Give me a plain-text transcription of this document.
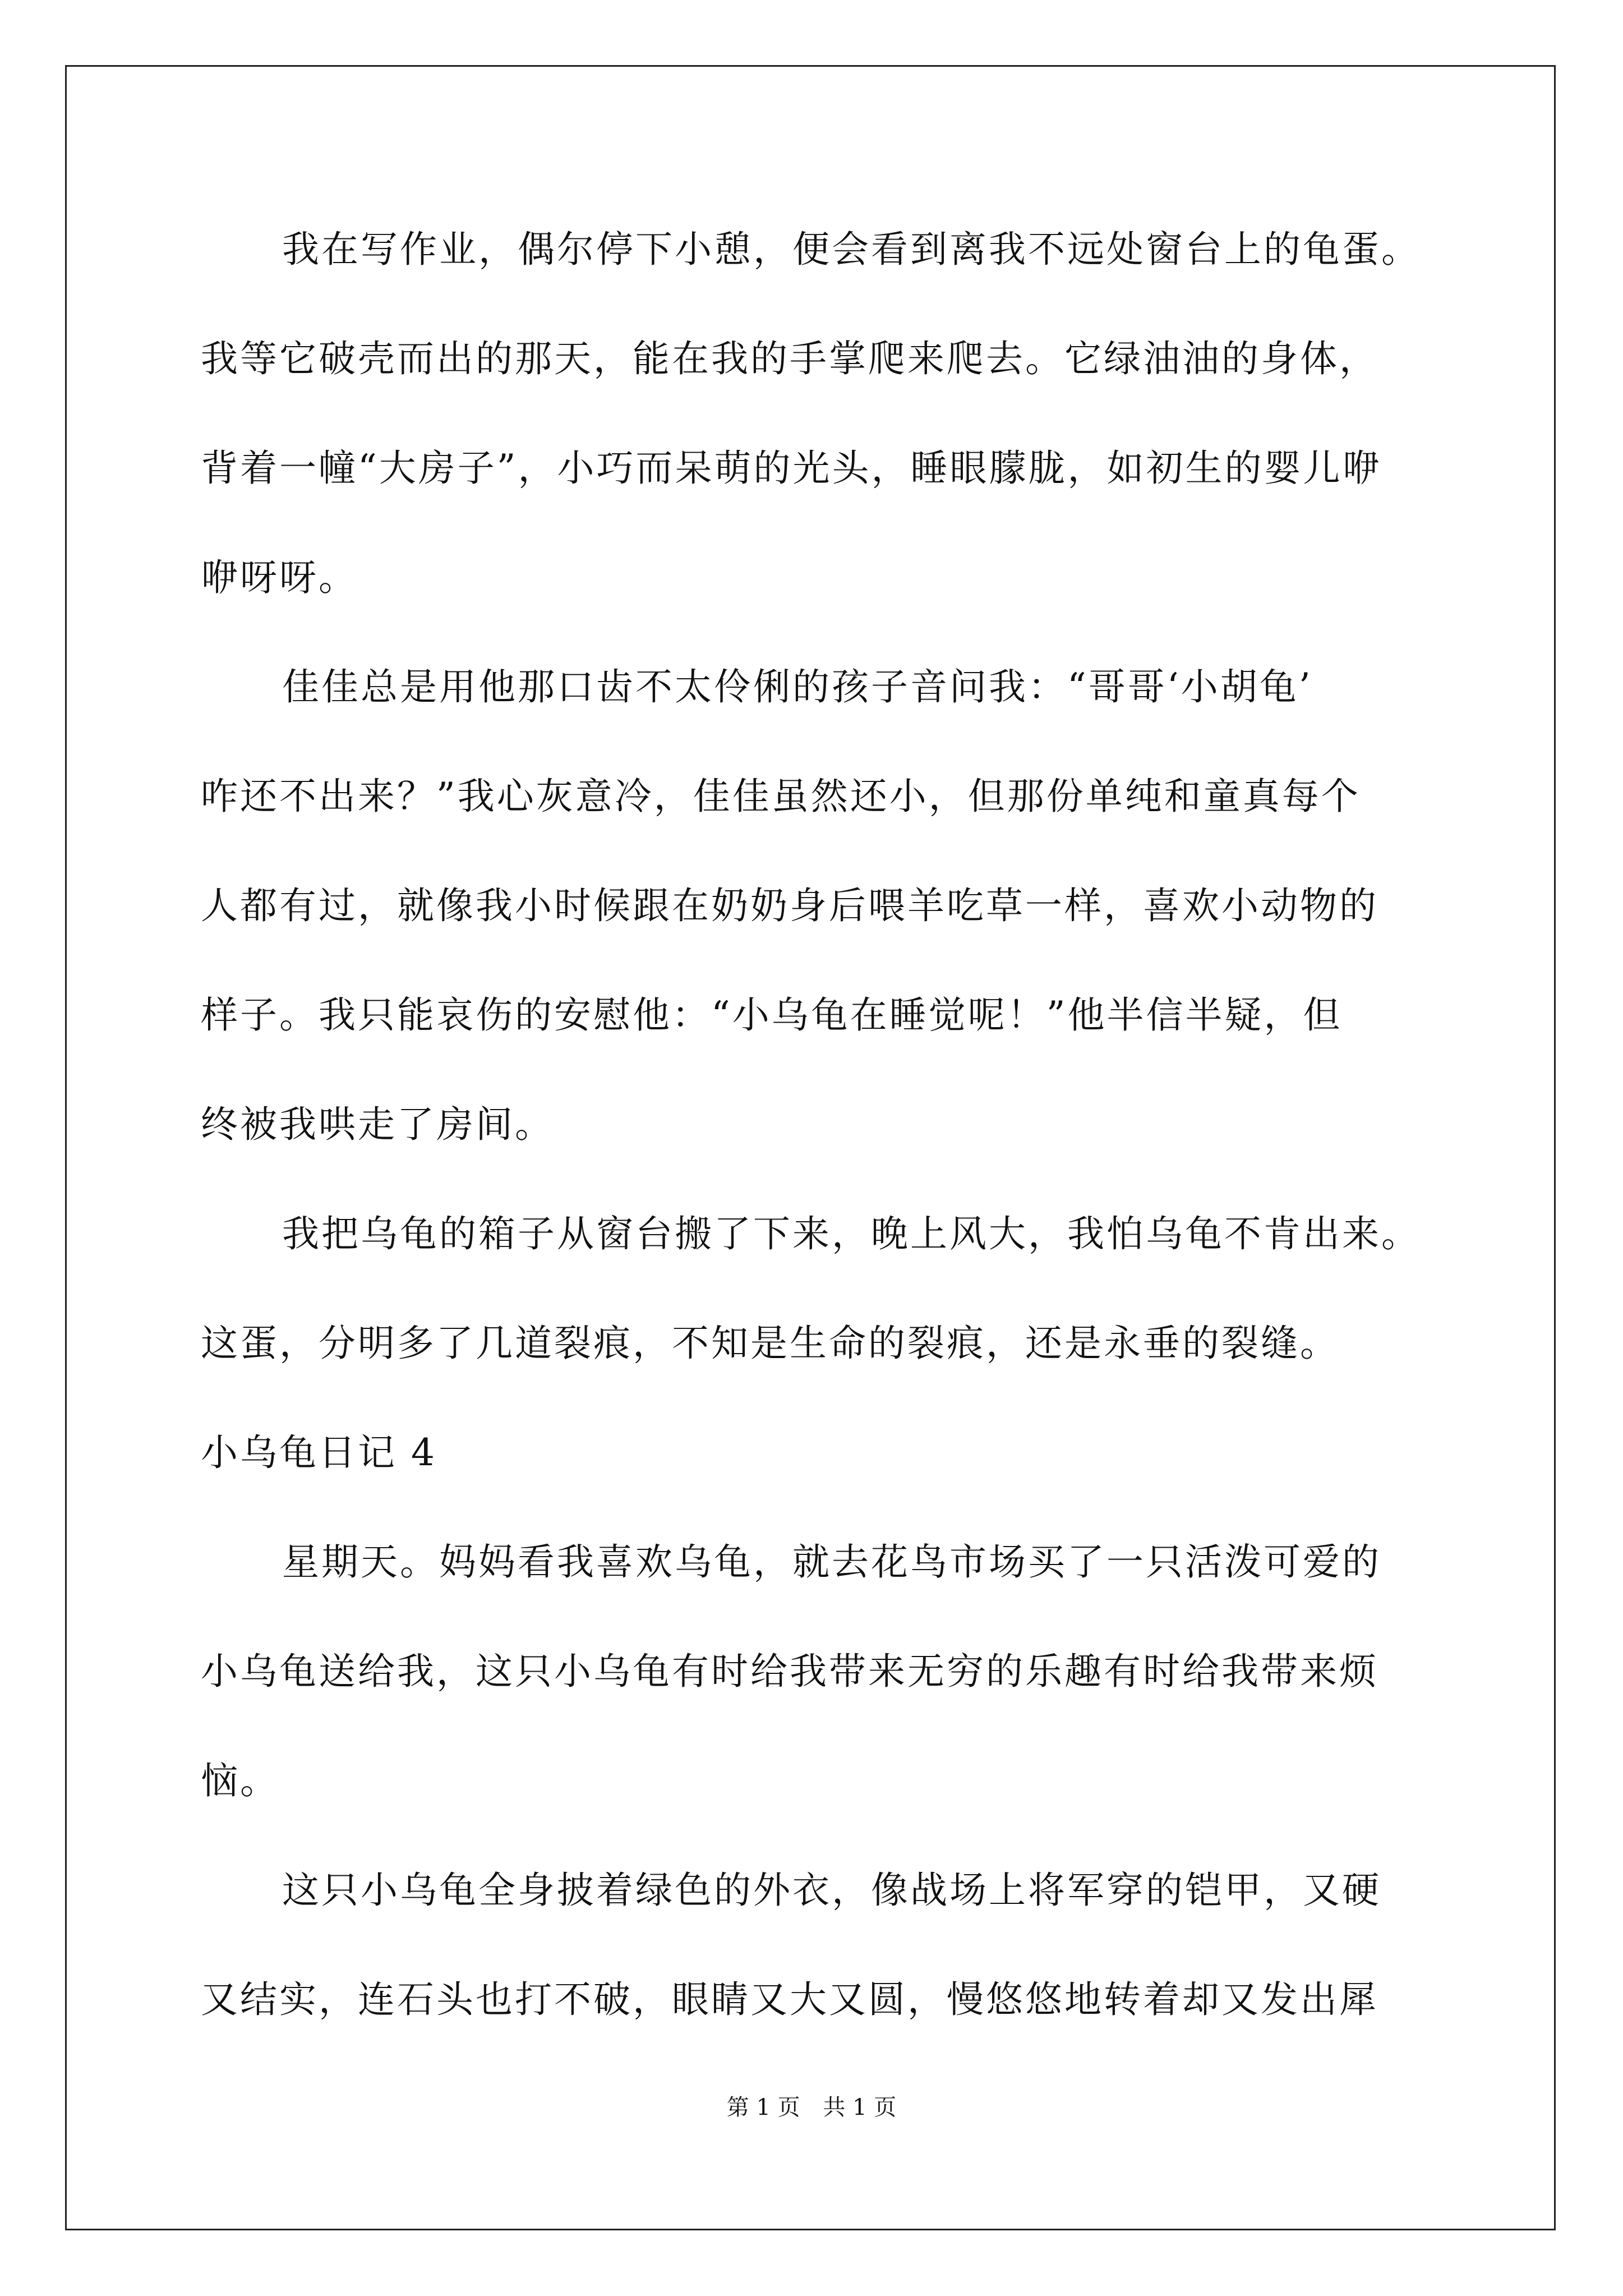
我在写作业，偶尔停下小憩，便会看到离我不远处窗台上的龟蛋。
我等它破壳而出的那天，能在我的手掌爬来爬去。它绿油油的身体，
背着一幢“大房子”，小巧而呆萌的光头，睡眼朦胧，如初生的婴儿咿
咿呀呀。
佳佳总是用他那口齿不太伶俐的孩子音问我：“哥哥‘小胡龟’
咋还不出来？”我心灰意冷，佳佳虽然还小，但那份单纯和童真每个
人都有过，就像我小时候跟在奶奶身后喂羊吃草一样，喜欢小动物的
样子。我只能哀伤的安慰他：“小乌龟在睡觉呢！”他半信半疑，但
终被我哄走了房间。
我把乌龟的箱子从窗台搬了下来，晚上风大，我怕乌龟不肯出来。
这蛋，分明多了几道裂痕，不知是生命的裂痕，还是永垂的裂缝。
小乌龟日记 4
星期天。妈妈看我喜欢乌龟，就去花鸟市场买了一只活泼可爱的
小乌龟送给我，这只小乌龟有时给我带来无穷的乐趣有时给我带来烦
恼。
这只小乌龟全身披着绿色的外衣，像战场上将军穿的铠甲，又硬
又结实，连石头也打不破，眼睛又大又圆，慢悠悠地转着却又发出犀
第 1 页 共 1 页
